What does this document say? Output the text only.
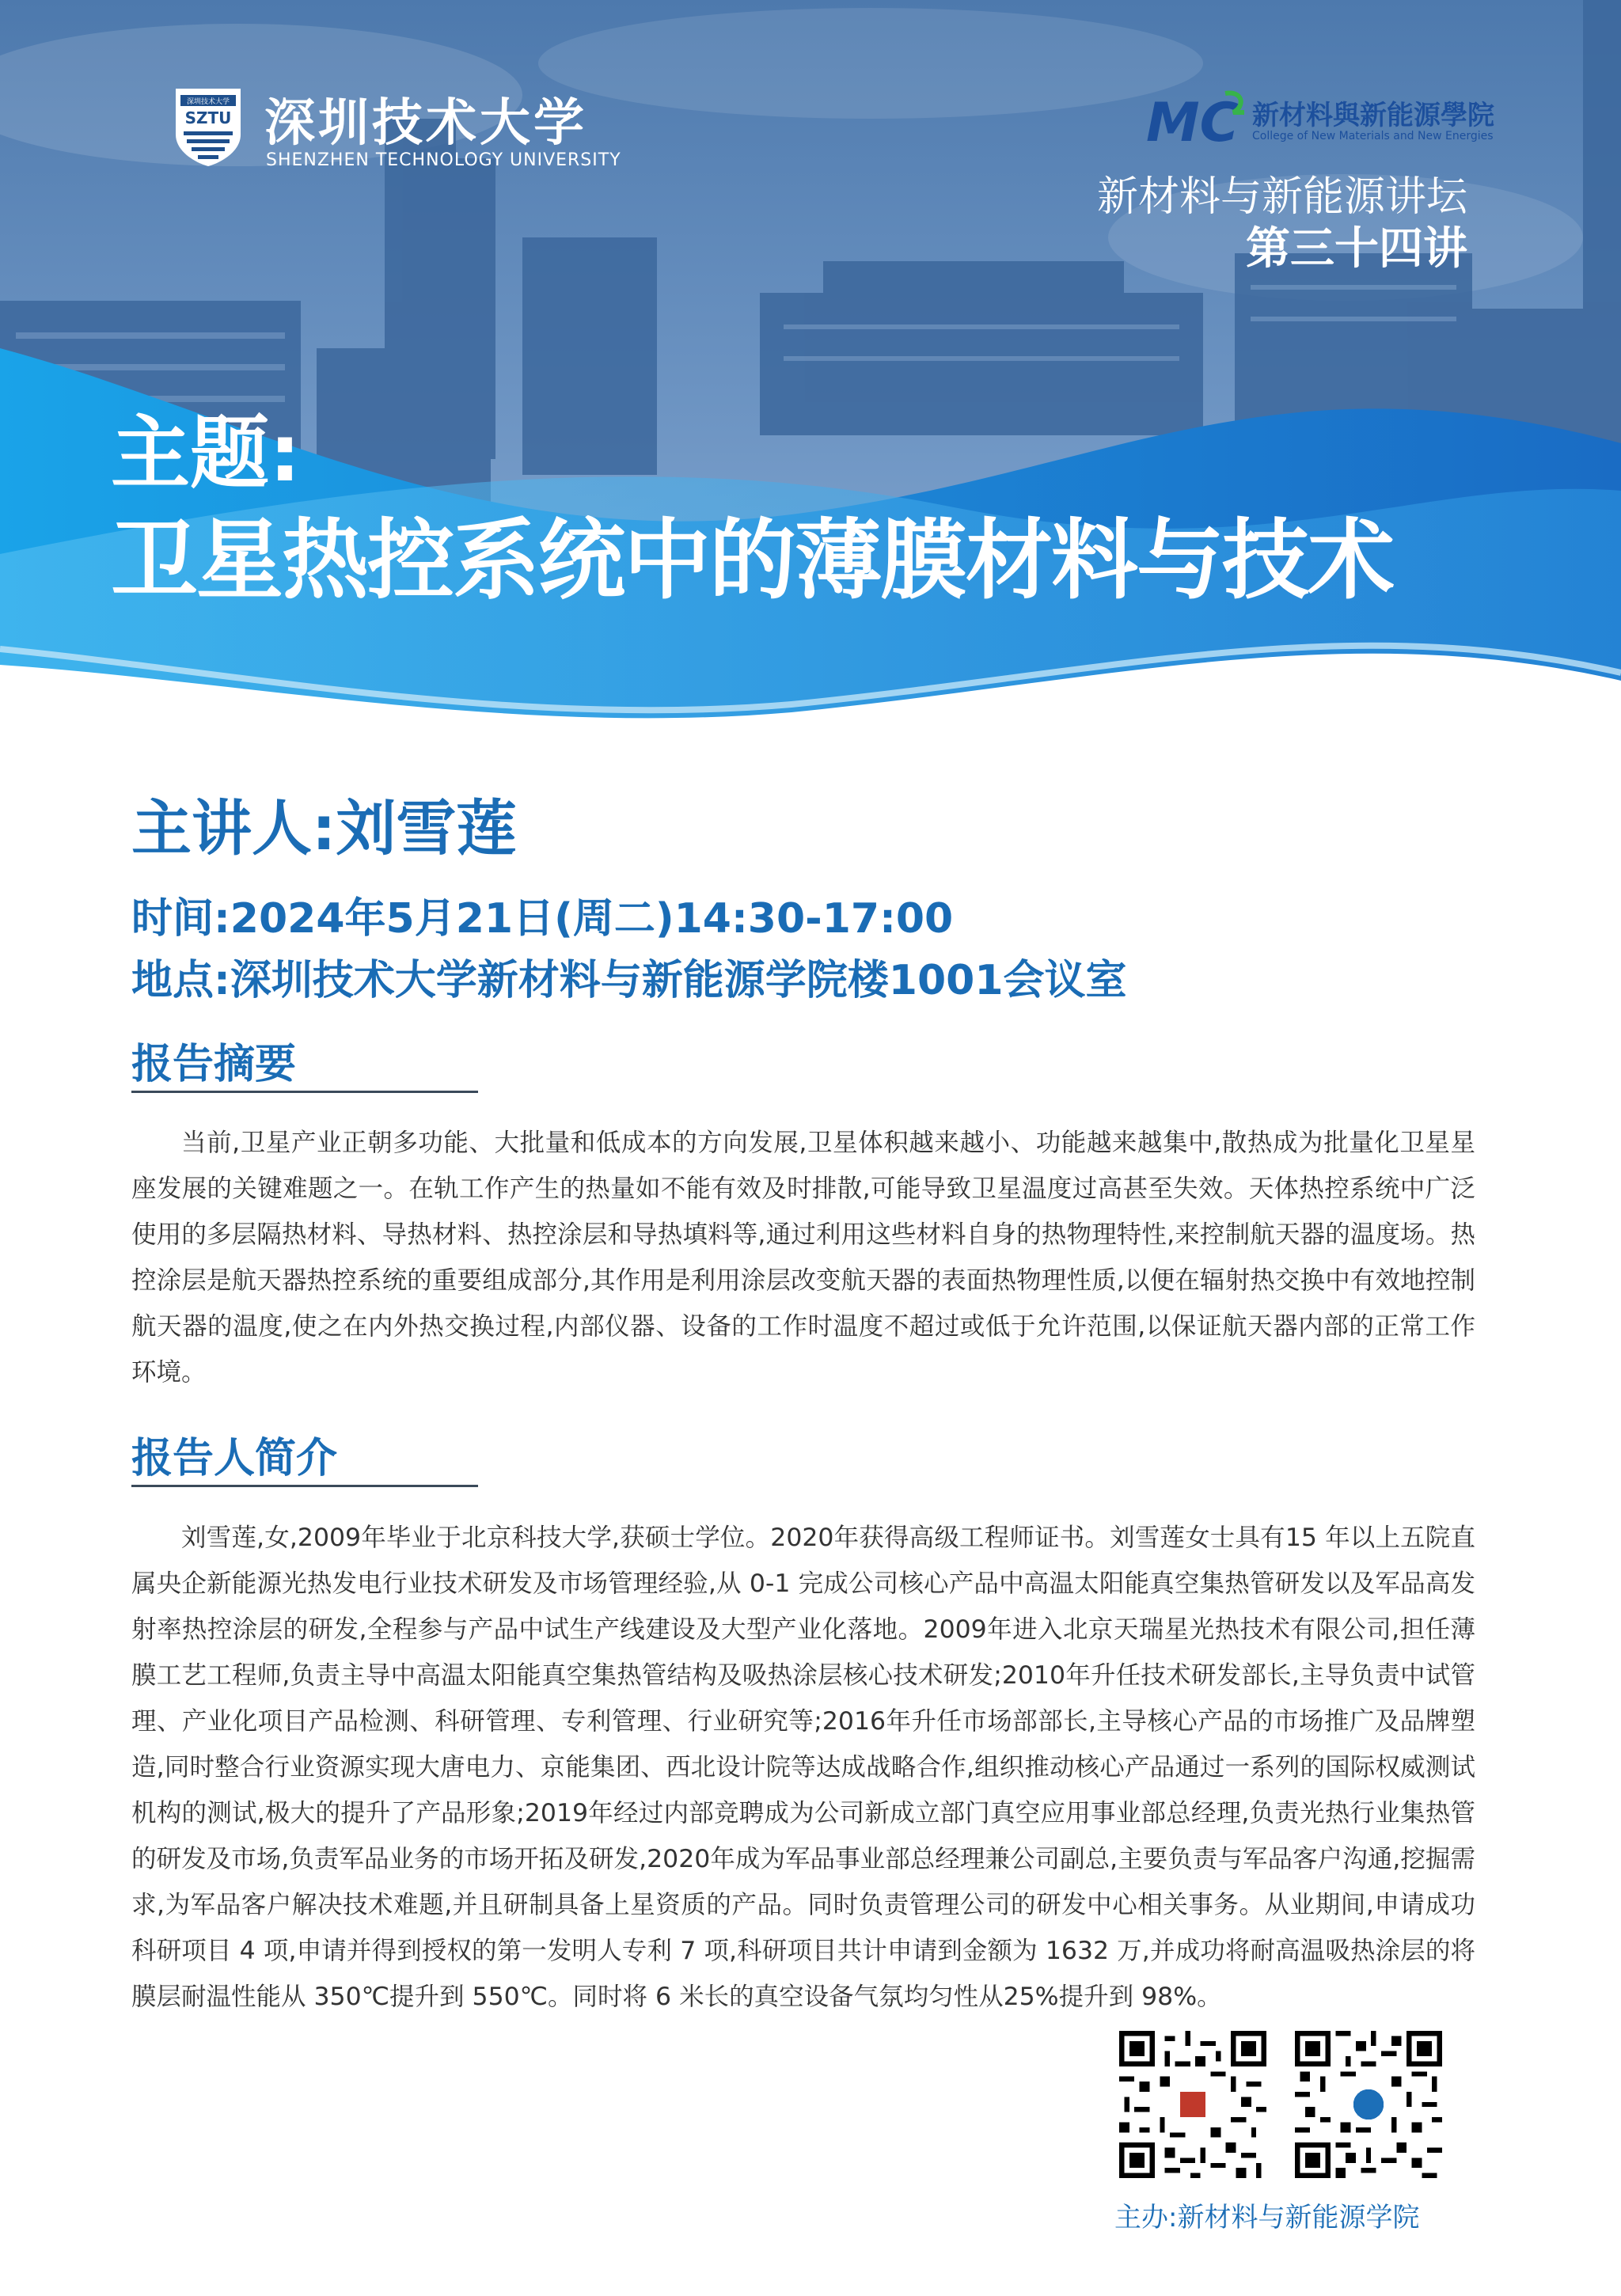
深圳技术大学
SZTU 深圳技术大学
SHENZHEN TECHNOLOGY UNIVERSITY
MC 新材料與新能源學院
College of New Materials and New Energies
新材料与新能源讲坛
第三十四讲
主题:
卫星热控系统中的薄膜材料与技术
主讲人:刘雪莲
时间:2024年5月21日(周二)14:30-17:00
地点:深圳技术大学新材料与新能源学院楼1001会议室
报告摘要

当前,卫星产业正朝多功能、大批量和低成本的方向发展,卫星体积越来越小、功能越来越集中,散热成为批量化卫星星座发展的关键难题之一。在轨工作产生的热量如不能有效及时排散,可能导致卫星温度过高甚至失效。天体热控系统中广泛使用的多层隔热材料、导热材料、热控涂层和导热填料等,通过利用这些材料自身的热物理特性,来控制航天器的温度场。热控涂层是航天器热控系统的重要组成部分,其作用是利用涂层改变航天器的表面热物理性质,以便在辐射热交换中有效地控制航天器的温度,使之在内外热交换过程,内部仪器、设备的工作时温度不超过或低于允许范围,以保证航天器内部的正常工作环境。

报告人简介

刘雪莲,女,2009年毕业于北京科技大学,获硕士学位。2020年获得高级工程师证书。刘雪莲女士具有15 年以上五院直属央企新能源光热发电行业技术研发及市场管理经验,从 0-1 完成公司核心产品中高温太阳能真空集热管研发以及军品高发射率热控涂层的研发,全程参与产品中试生产线建设及大型产业化落地。2009年进入北京天瑞星光热技术有限公司,担任薄膜工艺工程师,负责主导中高温太阳能真空集热管结构及吸热涂层核心技术研发;2010年升任技术研发部长,主导负责中试管理、产业化项目产品检测、科研管理、专利管理、行业研究等;2016年升任市场部部长,主导核心产品的市场推广及品牌塑造,同时整合行业资源实现大唐电力、京能集团、西北设计院等达成战略合作,组织推动核心产品通过一系列的国际权威测试机构的测试,极大的提升了产品形象;2019年经过内部竞聘成为公司新成立部门真空应用事业部总经理,负责光热行业集热管的研发及市场,负责军品业务的市场开拓及研发,2020年成为军品事业部总经理兼公司副总,主要负责与军品客户沟通,挖掘需求,为军品客户解决技术难题,并且研制具备上星资质的产品。同时负责管理公司的研发中心相关事务。从业期间,申请成功科研项目 4 项,申请并得到授权的第一发明人专利 7 项,科研项目共计申请到金额为 1632 万,并成功将耐高温吸热涂层的将膜层耐温性能从 350℃提升到 550℃。同时将 6 米长的真空设备气氛均匀性从25%提升到 98%。

主办:新材料与新能源学院
